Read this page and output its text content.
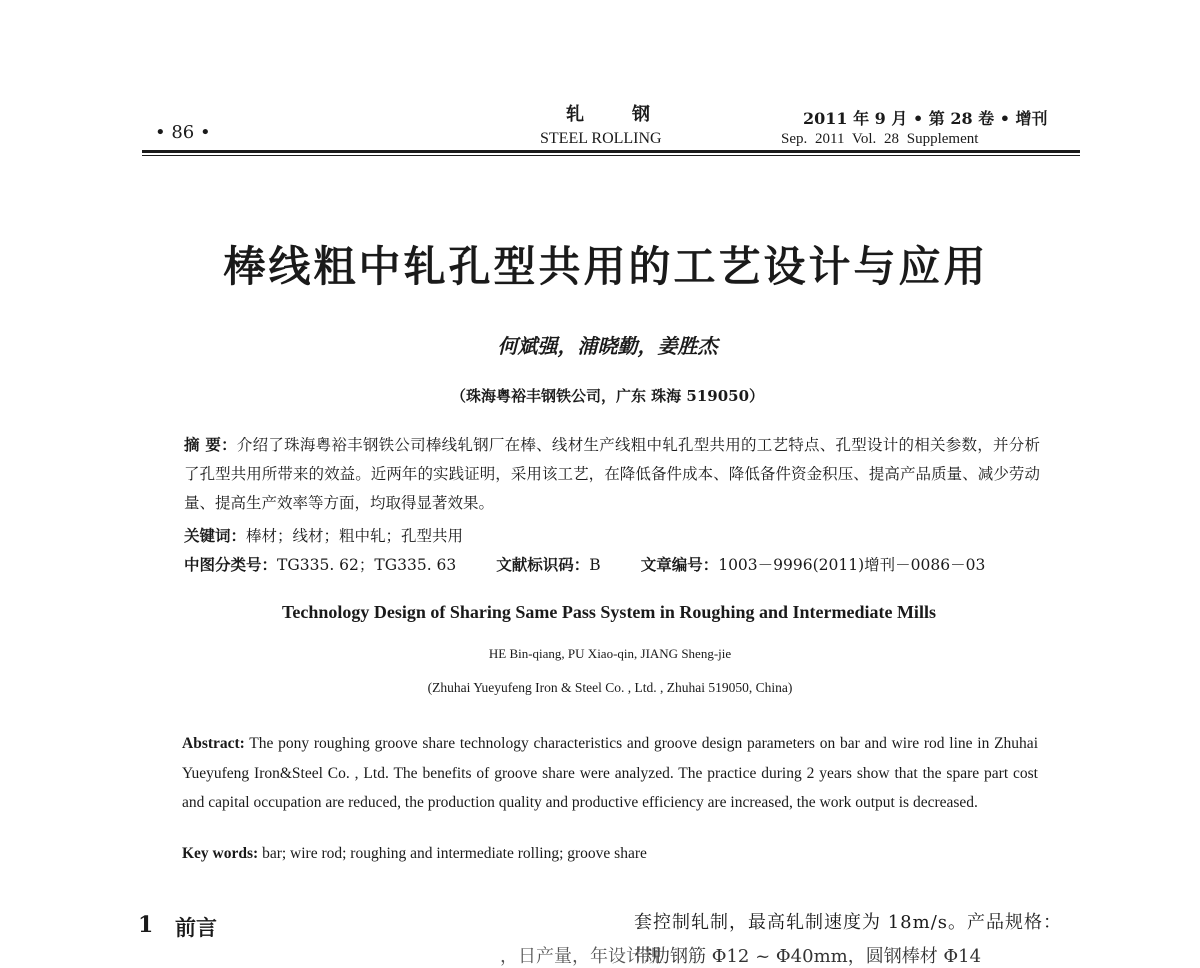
• 86 •
轧钢
STEEL ROLLING
2011 年 9 月 • 第 28 卷 • 增刊
Sep. 2011 Vol. 28 Supplement
棒线粗中轧孔型共用的工艺设计与应用
何斌强，浦晓勤，姜胜杰
（珠海粤裕丰钢铁公司，广东 珠海 519050）
摘 要：介绍了珠海粤裕丰钢铁公司棒线轧钢厂在棒、线材生产线粗中轧孔型共用的工艺特点、孔型设计的相关参数，并分析了孔型共用所带来的效益。近两年的实践证明，采用该工艺，在降低备件成本、降低备件资金积压、提高产品质量、减少劳动量、提高生产效率等方面，均取得显著效果。
关键词：棒材；线材；粗中轧；孔型共用
中图分类号：TG335. 62；TG335. 63	文献标识码：B	文章编号：1003－9996(2011)增刊－0086－03
Technology Design of Sharing Same Pass System in Roughing and Intermediate Mills
HE Bin-qiang, PU Xiao-qin, JIANG Sheng-jie
(Zhuhai Yueyufeng Iron & Steel Co. , Ltd. , Zhuhai 519050, China)
Abstract: The pony roughing groove share technology characteristics and groove design parameters on bar and wire rod line in Zhuhai Yueyufeng Iron&Steel Co. , Ltd. The benefits of groove share were analyzed. The practice during 2 years show that the spare part cost and capital occupation are reduced, the production quality and productive efficiency are increased, the work output is decreased.
Key words: bar; wire rod; roughing and intermediate rolling; groove share
1 前言	套控制轧制，最高轧制速度为 18m/s。产品规格：
带肋钢筋 Φ12 ~ Φ40mm，圆钢棒材 Φ14
，日产量，年设计规
